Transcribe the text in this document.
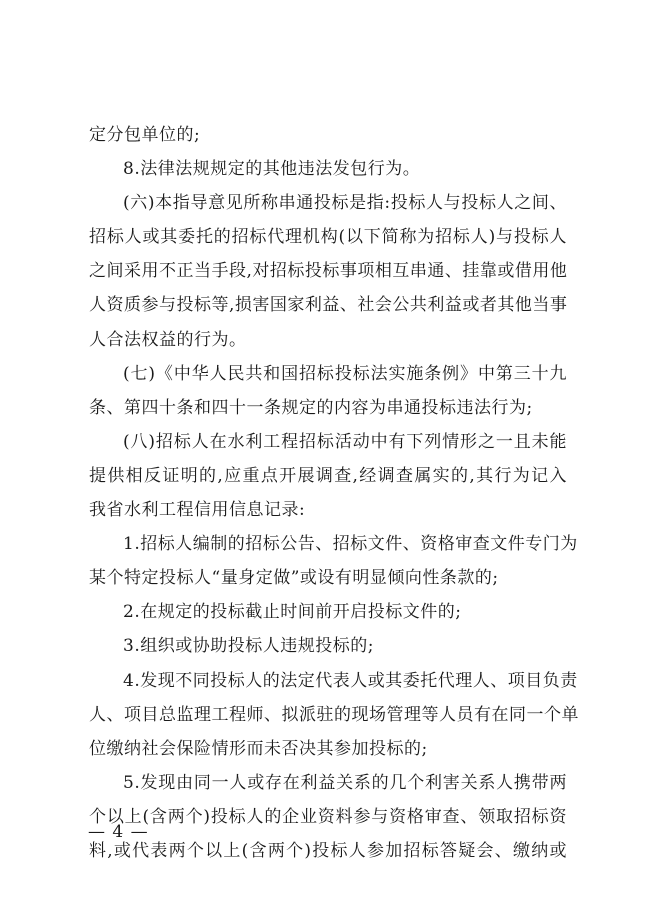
定分包单位的;
8.法律法规规定的其他违法发包行为。
(六)本指导意见所称串通投标是指:投标人与投标人之间、
招标人或其委托的招标代理机构(以下简称为招标人)与投标人
之间采用不正当手段,对招标投标事项相互串通、挂靠或借用他
人资质参与投标等,损害国家利益、社会公共利益或者其他当事
人合法权益的行为。
(七)《中华人民共和国招标投标法实施条例》中第三十九
条、第四十条和四十一条规定的内容为串通投标违法行为;
(八)招标人在水利工程招标活动中有下列情形之一且未能
提供相反证明的,应重点开展调查,经调查属实的,其行为记入
我省水利工程信用信息记录:
1.招标人编制的招标公告、招标文件、资格审查文件专门为
某个特定投标人“量身定做”或设有明显倾向性条款的;
2.在规定的投标截止时间前开启投标文件的;
3.组织或协助投标人违规投标的;
4.发现不同投标人的法定代表人或其委托代理人、项目负责
人、项目总监理工程师、拟派驻的现场管理等人员有在同一个单
位缴纳社会保险情形而未否决其参加投标的;
5.发现由同一人或存在利益关系的几个利害关系人携带两
个以上(含两个)投标人的企业资料参与资格审查、领取招标资
料,或代表两个以上(含两个)投标人参加招标答疑会、缴纳或
— 4 —
